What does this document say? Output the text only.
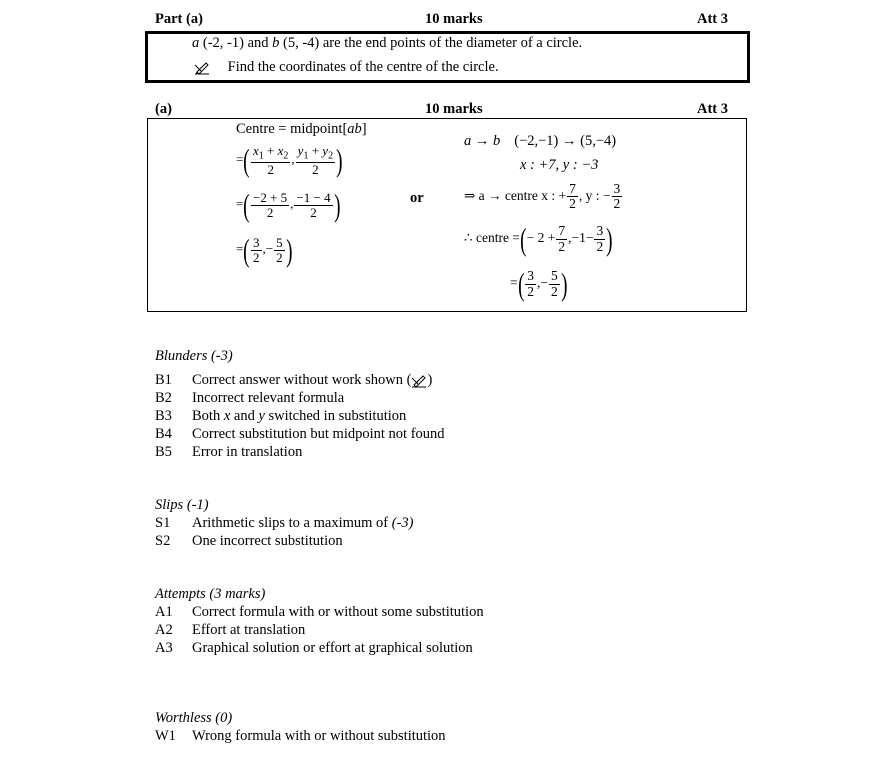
Part (a)	10 marks	Att 3
a (-2, -1) and b (5, -4) are the end points of the diameter of a circle.
Find the coordinates of the centre of the circle.
(a)	10 marks	Att 3
Centre = midpoint[ab]
=( $\frac{x_1 + x_2}{2}$ , $\frac{y_1 + y_2}{2}$ )
=( $\frac{-2 + 5}{2}$ , $\frac{-1 - 4}{2}$ )
=( $\frac{3}{2}$ ,− $\frac{5}{2}$ )
or
a → b (−2,−1) → (5,−4)
x : +7, y : −3
⇒ a → centre x : + $\frac{7}{2}$ , y : − $\frac{3}{2}$
∴ centre =(− $2 + \frac{7}{2} ,-1- \frac{3}{2}$ )
=( $\frac{3}{2}$ ,− $\frac{5}{2}$ )
Blunders (-3)
B1 Correct answer without work shown ( )
B2 Incorrect relevant formula
B3 Both x and y switched in substitution
B4 Correct substitution but midpoint not found
B5 Error in translation
Slips (-1)
S1 Arithmetic slips to a maximum of (-3)
S2 One incorrect substitution
Attempts (3 marks)
A1 Correct formula with or without some substitution
A2 Effort at translation
A3 Graphical solution or effort at graphical solution
Worthless (0)
W1 Wrong formula with or without substitution
